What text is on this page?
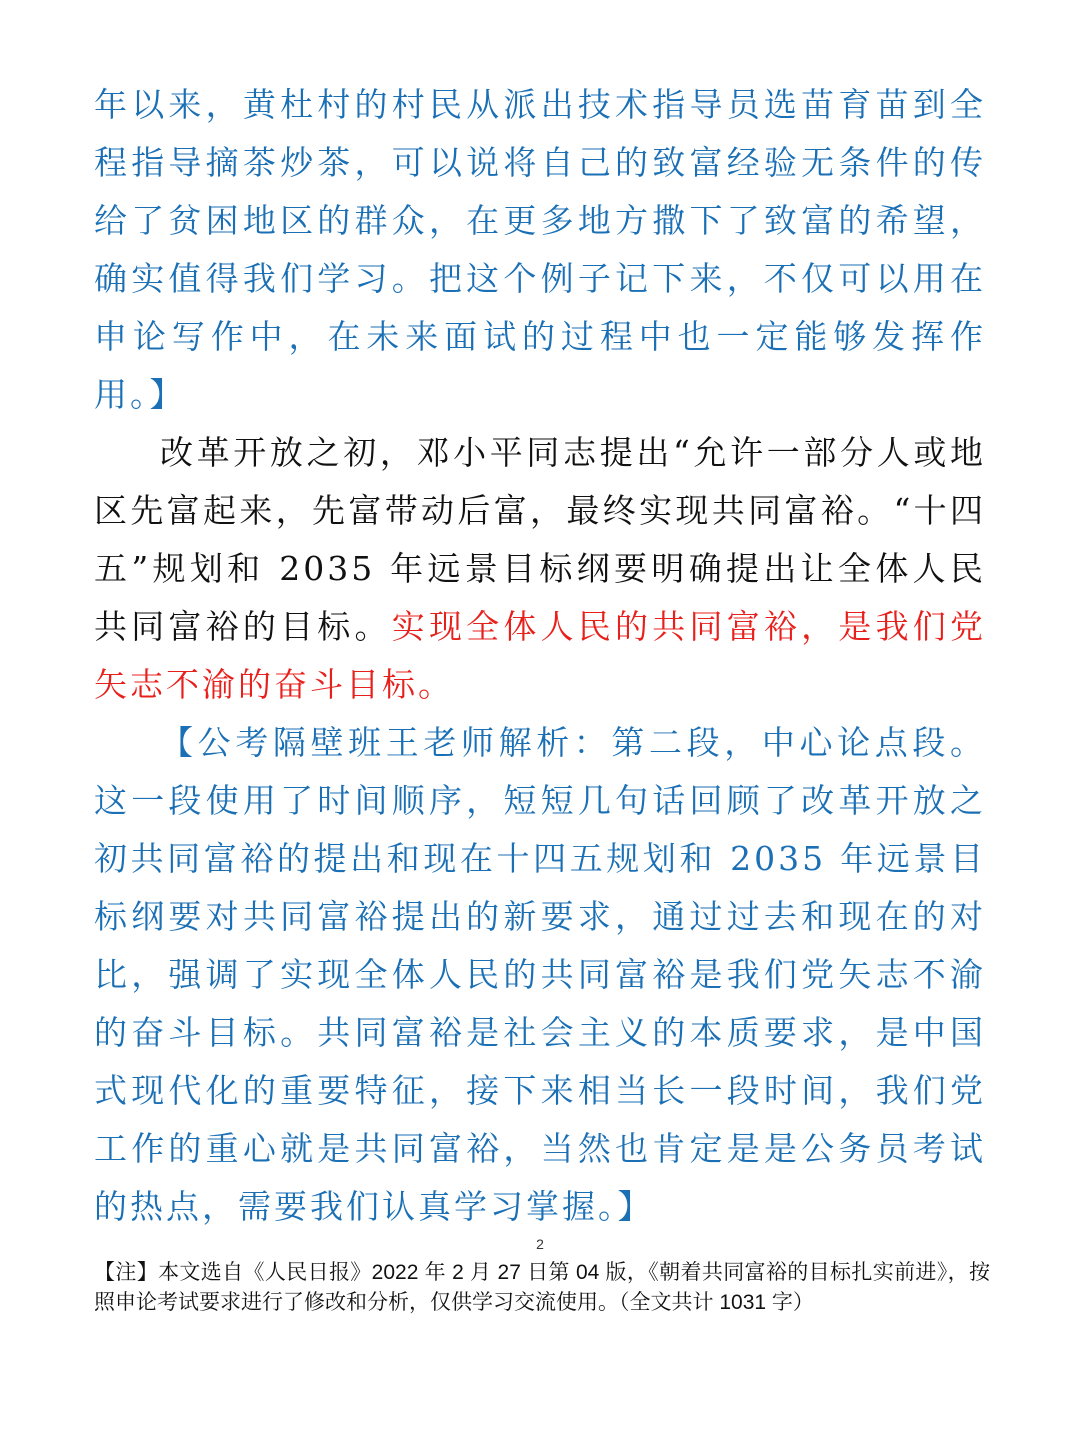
年以来，黄杜村的村民从派出技术指导员选苗育苗到全程指导摘茶炒茶，可以说将自己的致富经验无条件的传给了贫困地区的群众，在更多地方撒下了致富的希望，确实值得我们学习。把这个例子记下来，不仅可以用在申论写作中，在未来面试的过程中也一定能够发挥作用。】

改革开放之初，邓小平同志提出“允许一部分人或地区先富起来，先富带动后富，最终实现共同富裕。“十四五”规划和 2035 年远景目标纲要明确提出让全体人民共同富裕的目标。实现全体人民的共同富裕，是我们党矢志不渝的奋斗目标。

【公考隔壁班王老师解析：第二段，中心论点段。这一段使用了时间顺序，短短几句话回顾了改革开放之初共同富裕的提出和现在十四五规划和 2035 年远景目标纲要对共同富裕提出的新要求，通过过去和现在的对比，强调了实现全体人民的共同富裕是我们党矢志不渝的奋斗目标。共同富裕是社会主义的本质要求，是中国式现代化的重要特征，接下来相当长一段时间，我们党工作的重心就是共同富裕，当然也肯定是是公务员考试的热点，需要我们认真学习掌握。】

2
【注】本文选自《人民日报》2022 年 2 月 27 日第 04 版，《朝着共同富裕的目标扎实前进》，按照申论考试要求进行了修改和分析，仅供学习交流使用。（全文共计 1031 字）
